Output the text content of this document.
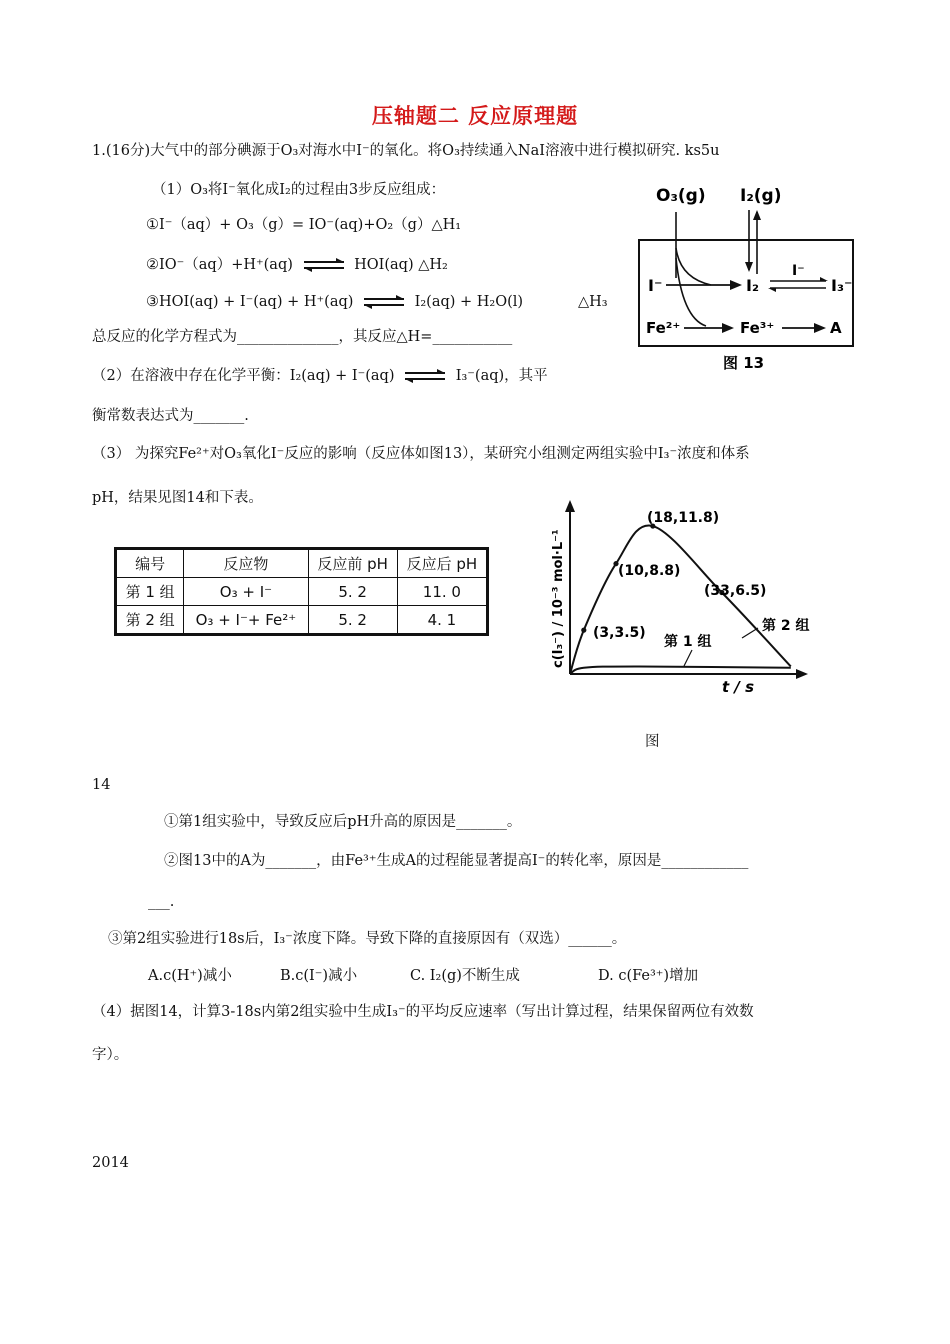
压轴题二 反应原理题
1.(16分)大气中的部分碘源于O₃对海水中I⁻的氧化。将O₃持续通入NaI溶液中进行模拟研究. ks5u
（1）O₃将I⁻氧化成I₂的过程由3步反应组成：
①I⁻（aq）+ O₃（g）= IO⁻(aq)+O₂（g）△H₁
②IO⁻（aq）+H⁺(aq) ⇌ HOI(aq) △H₂
③HOI(aq) + I⁻(aq) + H⁺(aq) ⇌ I₂(aq) + H₂O(l)	△H₃
总反应的化学方程式为______________，其反应△H=___________
（2）在溶液中存在化学平衡：I₂(aq) + I⁻(aq) ⇌ I₃⁻(aq)，其平
衡常数表达式为_______.
O₃(g) I₂(g)
I⁻	I₂
I⁻
I₃⁻
Fe²⁺	Fe³⁺	A
图 13
（3） 为探究Fe²⁺对O₃氧化I⁻反应的影响（反应体如图13），某研究小组测定两组实验中I₃⁻浓度和体系
pH，结果见图14和下表。
编号	反应物	反应前 pH	反应后 pH
第 1 组	O₃ + I⁻	5. 2	11. 0
第 2 组	O₃ + I⁻+ Fe²⁺	5. 2	4. 1
t / s
c(I₃⁻) / 10⁻³ mol·L⁻¹
(18,11.8)
(10,8.8)
(33,6.5)
(3,3.5)
第 1 组
第 2 组
图
14
①第1组实验中，导致反应后pH升高的原因是_______。
②图13中的A为_______，由Fe³⁺生成A的过程能显著提高Ⅰ⁻的转化率，原因是____________
___.
③第2组实验进行18s后，I₃⁻浓度下降。导致下降的直接原因有（双选）______。
A.c(H⁺)减小	B.c(I⁻)减小	C. I₂(g)不断生成	D. c(Fe³⁺)增加
（4）据图14，计算3-18s内第2组实验中生成I₃⁻的平均反应速率（写出计算过程，结果保留两位有效数
字）。
2014
